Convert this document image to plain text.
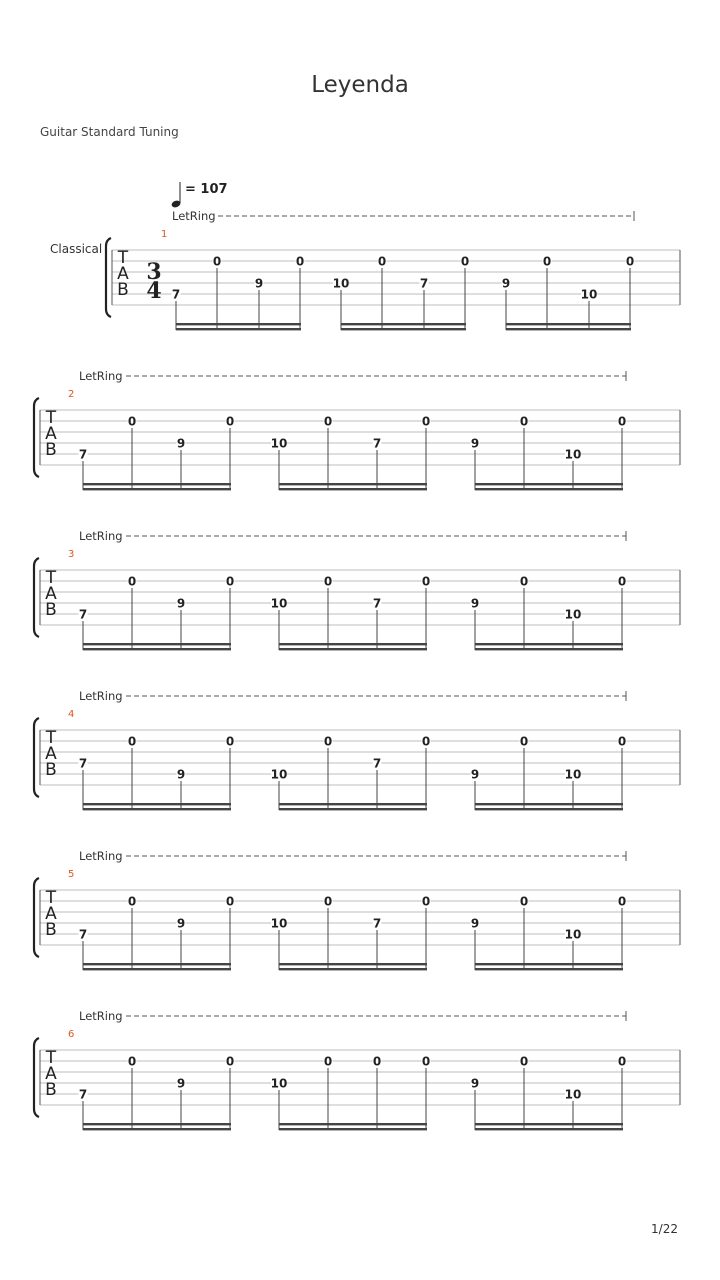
Leyenda
Guitar Standard Tuning
T
A
B
1
LetRing
Classical
3
4
= 107
7
0
9
0
10
0
7
0
9
0
10
0
T
A
B
2
LetRing
7
0
9
0
10
0
7
0
9
0
10
0
T
A
B
3
LetRing
7
0
9
0
10
0
7
0
9
0
10
0
T
A
B
4
LetRing
7
0
9
0
10
0
7
0
9
0
10
0
T
A
B
5
LetRing
7
0
9
0
10
0
7
0
9
0
10
0
T
A
B
6
LetRing
7
0
9
0
10
0	0	0
9
0
10
0
1/22
